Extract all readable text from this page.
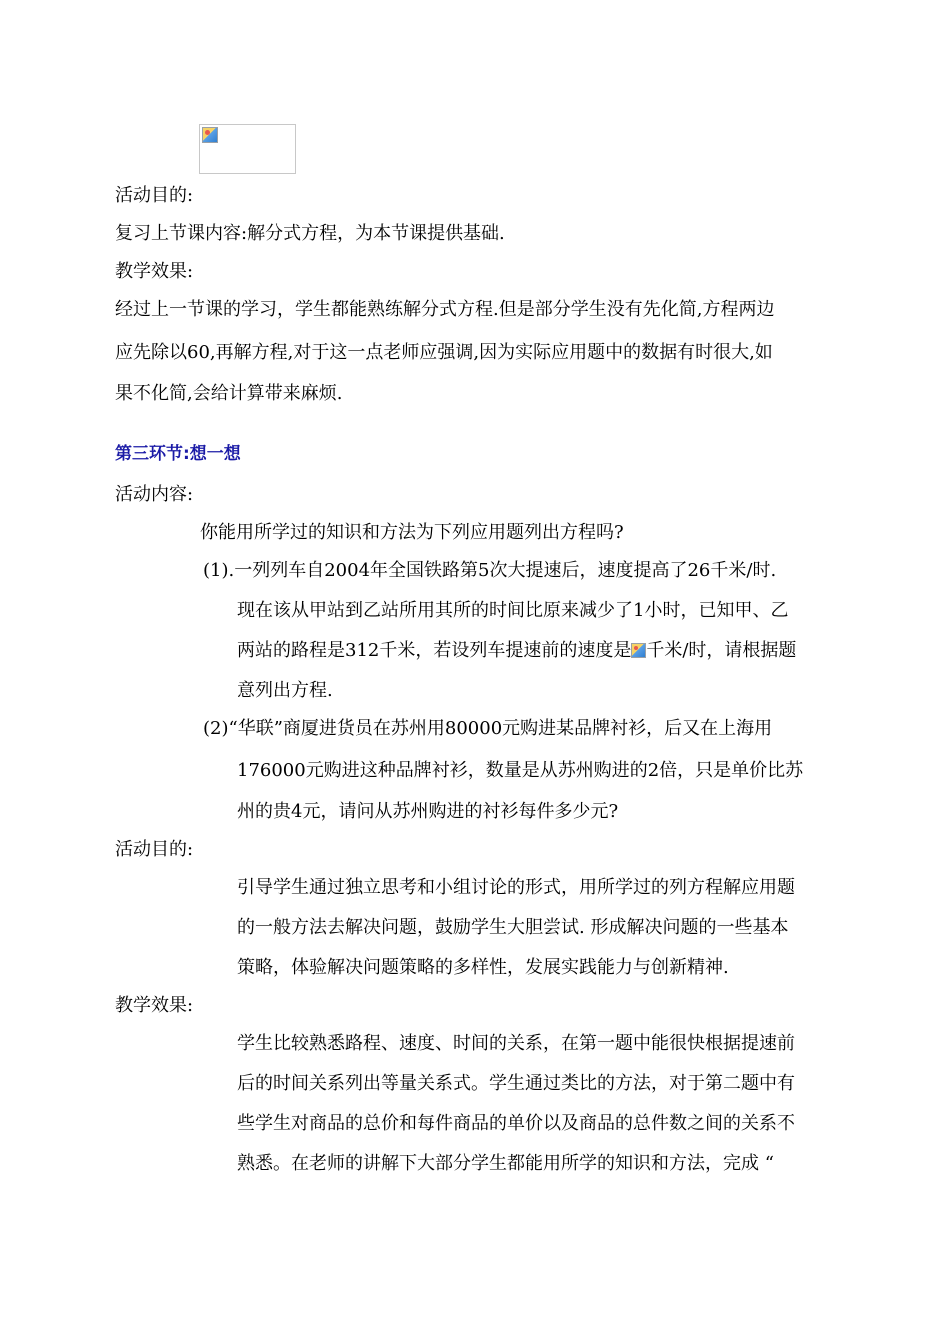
活动目的:
复习上节课内容:解分式方程，为本节课提供基础.
教学效果:
经过上一节课的学习，学生都能熟练解分式方程.但是部分学生没有先化简,方程两边
应先除以60,再解方程,对于这一点老师应强调,因为实际应用题中的数据有时很大,如
果不化简,会给计算带来麻烦.
第三环节:想一想
活动内容:
你能用所学过的知识和方法为下列应用题列出方程吗?
(1).一列列车自2004年全国铁路第5次大提速后，速度提高了26千米/时.
现在该从甲站到乙站所用其所的时间比原来减少了1小时，已知甲、乙
两站的路程是312千米，若设列车提速前的速度是 千米/时，请根据题
意列出方程.
(2)“华联”商厦进货员在苏州用80000元购进某品牌衬衫，后又在上海用
176000元购进这种品牌衬衫，数量是从苏州购进的2倍，只是单价比苏
州的贵4元，请问从苏州购进的衬衫每件多少元?
活动目的:
引导学生通过独立思考和小组讨论的形式，用所学过的列方程解应用题
的一般方法去解决问题，鼓励学生大胆尝试. 形成解决问题的一些基本
策略，体验解决问题策略的多样性，发展实践能力与创新精神.
教学效果:
学生比较熟悉路程、速度、时间的关系，在第一题中能很快根据提速前
后的时间关系列出等量关系式。学生通过类比的方法，对于第二题中有
些学生对商品的总价和每件商品的单价以及商品的总件数之间的关系不
熟悉。在老师的讲解下大部分学生都能用所学的知识和方法，完成 “
